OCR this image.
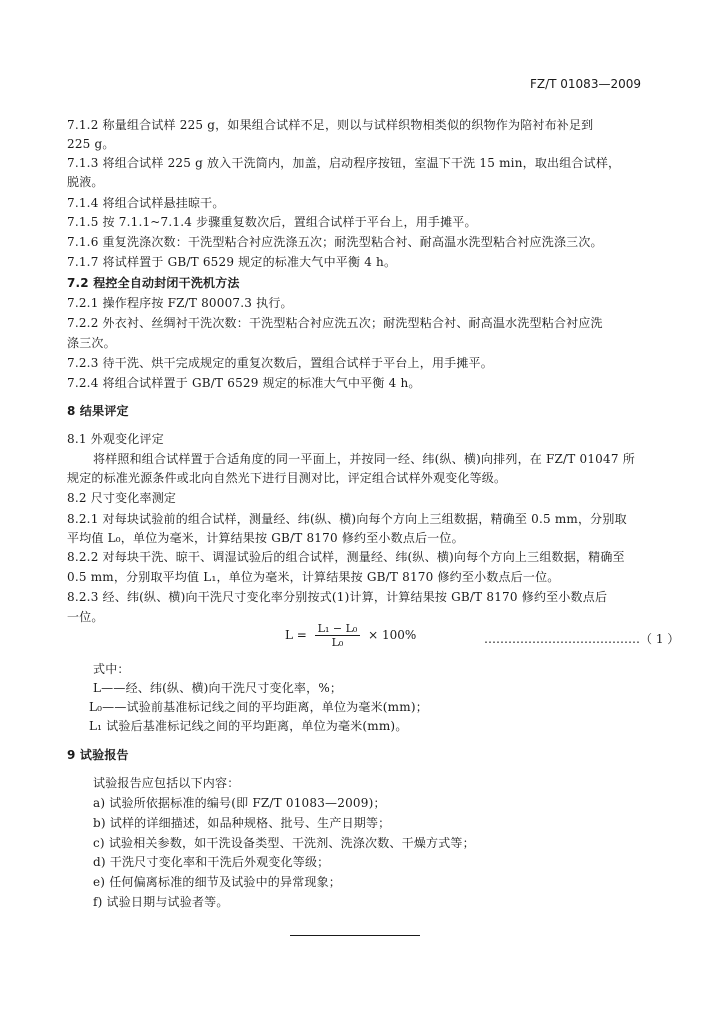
FZ/T 01083—2009
7.1.2 称量组合试样 225 g，如果组合试样不足，则以与试样织物相类似的织物作为陪衬布补足到
225 g。
7.1.3 将组合试样 225 g 放入干洗筒内，加盖，启动程序按钮，室温下干洗 15 min，取出组合试样，
脱液。
7.1.4 将组合试样悬挂晾干。
7.1.5 按 7.1.1~7.1.4 步骤重复数次后，置组合试样于平台上，用手摊平。
7.1.6 重复洗涤次数：干洗型粘合衬应洗涤五次；耐洗型粘合衬、耐高温水洗型粘合衬应洗涤三次。
7.1.7 将试样置于 GB/T 6529 规定的标准大气中平衡 4 h。
7.2 程控全自动封闭干洗机方法
7.2.1 操作程序按 FZ/T 80007.3 执行。
7.2.2 外衣衬、丝绸衬干洗次数：干洗型粘合衬应洗五次；耐洗型粘合衬、耐高温水洗型粘合衬应洗
涤三次。
7.2.3 待干洗、烘干完成规定的重复次数后，置组合试样于平台上，用手摊平。
7.2.4 将组合试样置于 GB/T 6529 规定的标准大气中平衡 4 h。
8 结果评定
8.1 外观变化评定
将样照和组合试样置于合适角度的同一平面上，并按同一经、纬(纵、横)向排列，在 FZ/T 01047 所
规定的标准光源条件或北向自然光下进行目测对比，评定组合试样外观变化等级。
8.2 尺寸变化率测定
8.2.1 对每块试验前的组合试样，测量经、纬(纵、横)向每个方向上三组数据，精确至 0.5 mm，分别取
平均值 L₀，单位为毫米，计算结果按 GB/T 8170 修约至小数点后一位。
8.2.2 对每块干洗、晾干、调湿试验后的组合试样，测量经、纬(纵、横)向每个方向上三组数据，精确至
0.5 mm，分别取平均值 L₁，单位为毫米，计算结果按 GB/T 8170 修约至小数点后一位。
8.2.3 经、纬(纵、横)向干洗尺寸变化率分别按式(1)计算，计算结果按 GB/T 8170 修约至小数点后
一位。
式中：
L——经、纬(纵、横)向干洗尺寸变化率，%；
L₀——试验前基准标记线之间的平均距离，单位为毫米(mm)；
L₁ 试验后基准标记线之间的平均距离，单位为毫米(mm)。
9 试验报告
试验报告应包括以下内容：
a) 试验所依据标准的编号(即 FZ/T 01083—2009)；
b) 试样的详细描述，如品种规格、批号、生产日期等；
c) 试验相关参数，如干洗设备类型、干洗剂、洗涤次数、干燥方式等；
d) 干洗尺寸变化率和干洗后外观变化等级；
e) 任何偏离标准的细节及试验中的异常现象；
f) 试验日期与试验者等。
$L = \frac{\text{L₁ − L₀}}{\text{L₀}} \times 100\%$	…………………………………（ 1 ）
